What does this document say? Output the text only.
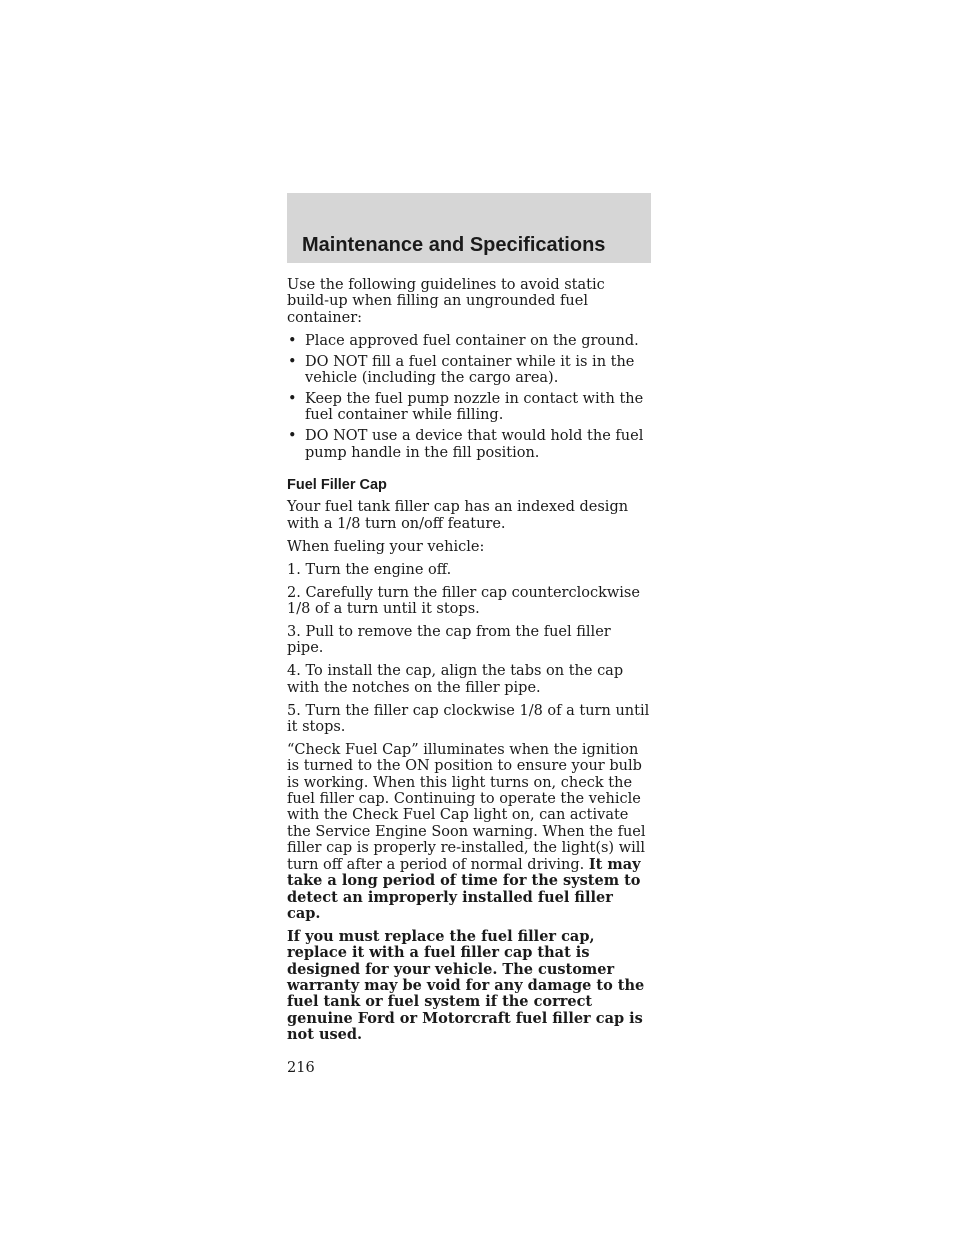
Maintenance and Specifications

Use the following guidelines to avoid static build-up when filling an ungrounded fuel container:

• Place approved fuel container on the ground.
• DO NOT fill a fuel container while it is in the vehicle (including the cargo area).
• Keep the fuel pump nozzle in contact with the fuel container while filling.
• DO NOT use a device that would hold the fuel pump handle in the fill position.

Fuel Filler Cap

Your fuel tank filler cap has an indexed design with a 1/8 turn on/off feature.

When fueling your vehicle:

1. Turn the engine off.

2. Carefully turn the filler cap counterclockwise 1/8 of a turn until it stops.

3. Pull to remove the cap from the fuel filler pipe.

4. To install the cap, align the tabs on the cap with the notches on the filler pipe.

5. Turn the filler cap clockwise 1/8 of a turn until it stops.

“Check Fuel Cap” illuminates when the ignition is turned to the ON position to ensure your bulb is working. When this light turns on, check the fuel filler cap. Continuing to operate the vehicle with the Check Fuel Cap light on, can activate the Service Engine Soon warning. When the fuel filler cap is properly re-installed, the light(s) will turn off after a period of normal driving. It may take a long period of time for the system to detect an improperly installed fuel filler cap.

If you must replace the fuel filler cap, replace it with a fuel filler cap that is designed for your vehicle. The customer warranty may be void for any damage to the fuel tank or fuel system if the correct genuine Ford or Motorcraft fuel filler cap is not used.

216
